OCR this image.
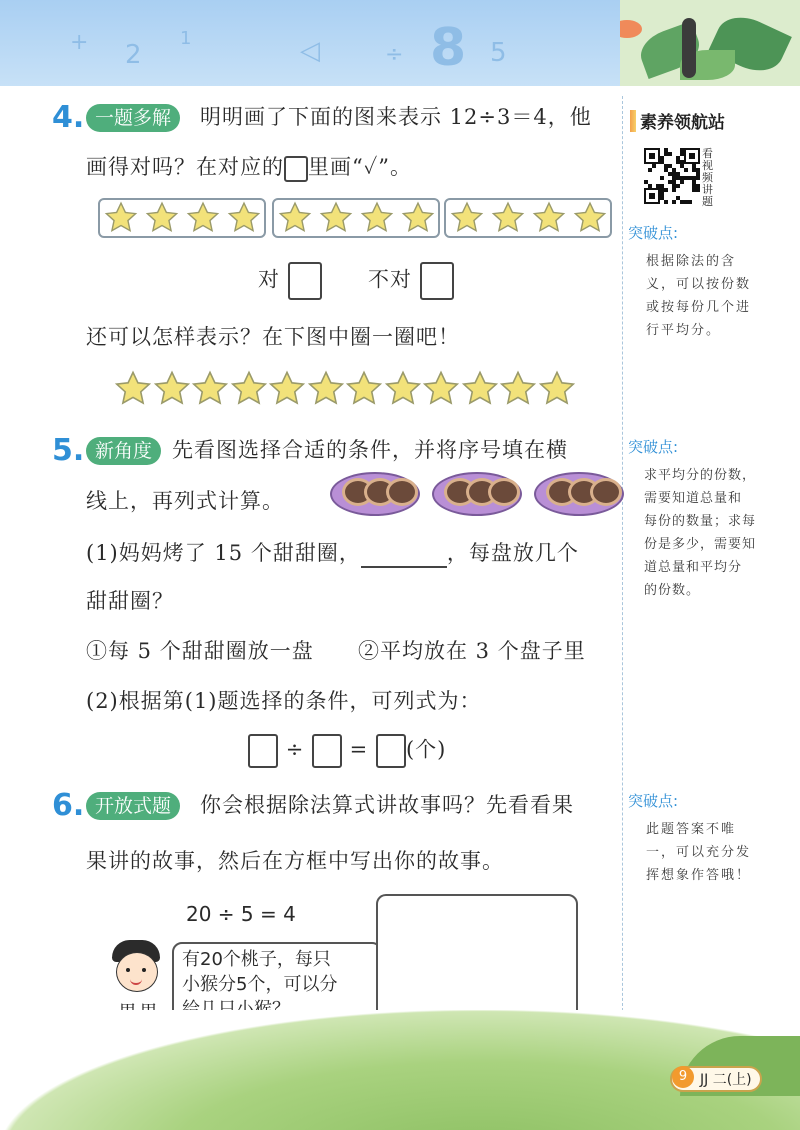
+ 2
1	◁	÷ 8 5
4. 一题多解	明明画了下面的图来表示 12÷3＝4，他
画得对吗？在对应的 里画“✓”。
对	不对
还可以怎样表示？在下图中圈一圈吧！
5. 新角度 先看图选择合适的条件，并将序号填在横
线上，再列式计算。
(1)妈妈烤了 15 个甜甜圈，	，每盘放几个
甜甜圈？
①每 5 个甜甜圈放一盘 ②平均放在 3 个盘子里
(2)根据第(1)题选择的条件，可列式为：
÷ = (个)
6. 开放式题	你会根据除法算式讲故事吗？先看看果
果讲的故事，然后在方框中写出你的故事。
20 ÷ 5 = 4
有20个桃子，每只
小猴分5个，可以分
素养领航站
看视频讲题
突破点:
根据除法的含
义，可以按份数
或按每份几个进
行平均分。
突破点:
求平均分的份数，
需要知道总量和
每份的数量；求每
份是多少，需要知
道总量和平均分
的份数。
突破点:
此题答案不唯
一，可以充分发
挥想象作答哦！
JJ 二(上)
9
